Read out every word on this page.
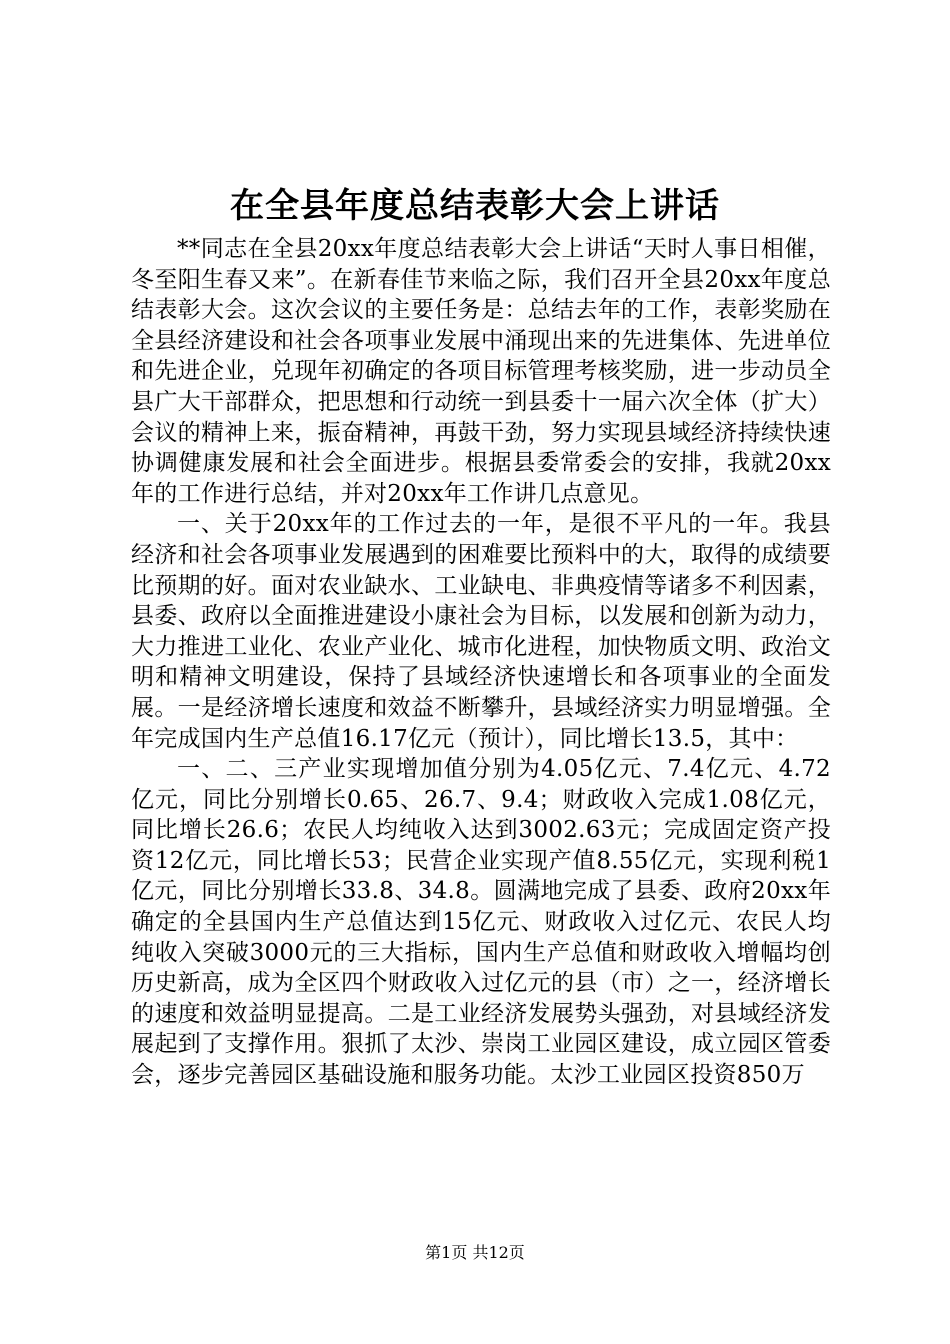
在全县年度总结表彰大会上讲话

**同志在全县20xx年度总结表彰大会上讲话“天时人事日相催，冬至阳生春又来”。在新春佳节来临之际，我们召开全县20xx年度总结表彰大会。这次会议的主要任务是：总结去年的工作，表彰奖励在全县经济建设和社会各项事业发展中涌现出来的先进集体、先进单位和先进企业，兑现年初确定的各项目标管理考核奖励，进一步动员全县广大干部群众，把思想和行动统一到县委十一届六次全体（扩大）会议的精神上来，振奋精神，再鼓干劲，努力实现县域经济持续快速协调健康发展和社会全面进步。根据县委常委会的安排，我就20xx年的工作进行总结，并对20xx年工作讲几点意见。

一、关于20xx年的工作过去的一年，是很不平凡的一年。我县经济和社会各项事业发展遇到的困难要比预料中的大，取得的成绩要比预期的好。面对农业缺水、工业缺电、非典疫情等诸多不利因素，县委、政府以全面推进建设小康社会为目标，以发展和创新为动力，大力推进工业化、农业产业化、城市化进程，加快物质文明、政治文明和精神文明建设，保持了县域经济快速增长和各项事业的全面发展。一是经济增长速度和效益不断攀升，县域经济实力明显增强。全年完成国内生产总值16.17亿元（预计），同比增长13.5，其中：

一、二、三产业实现增加值分别为4.05亿元、7.4亿元、4.72亿元，同比分别增长0.65、26.7、9.4；财政收入完成1.08亿元，同比增长26.6；农民人均纯收入达到3002.63元；完成固定资产投资12亿元，同比增长53；民营企业实现产值8.55亿元，实现利税1亿元，同比分别增长33.8、34.8。圆满地完成了县委、政府20xx年确定的全县国内生产总值达到15亿元、财政收入过亿元、农民人均纯收入突破3000元的三大指标，国内生产总值和财政收入增幅均创历史新高，成为全区四个财政收入过亿元的县（市）之一，经济增长的速度和效益明显提高。二是工业经济发展势头强劲，对县域经济发展起到了支撑作用。狠抓了太沙、崇岗工业园区建设，成立园区管委会，逐步完善园区基础设施和服务功能。太沙工业园区投资850万

第1页 共12页
